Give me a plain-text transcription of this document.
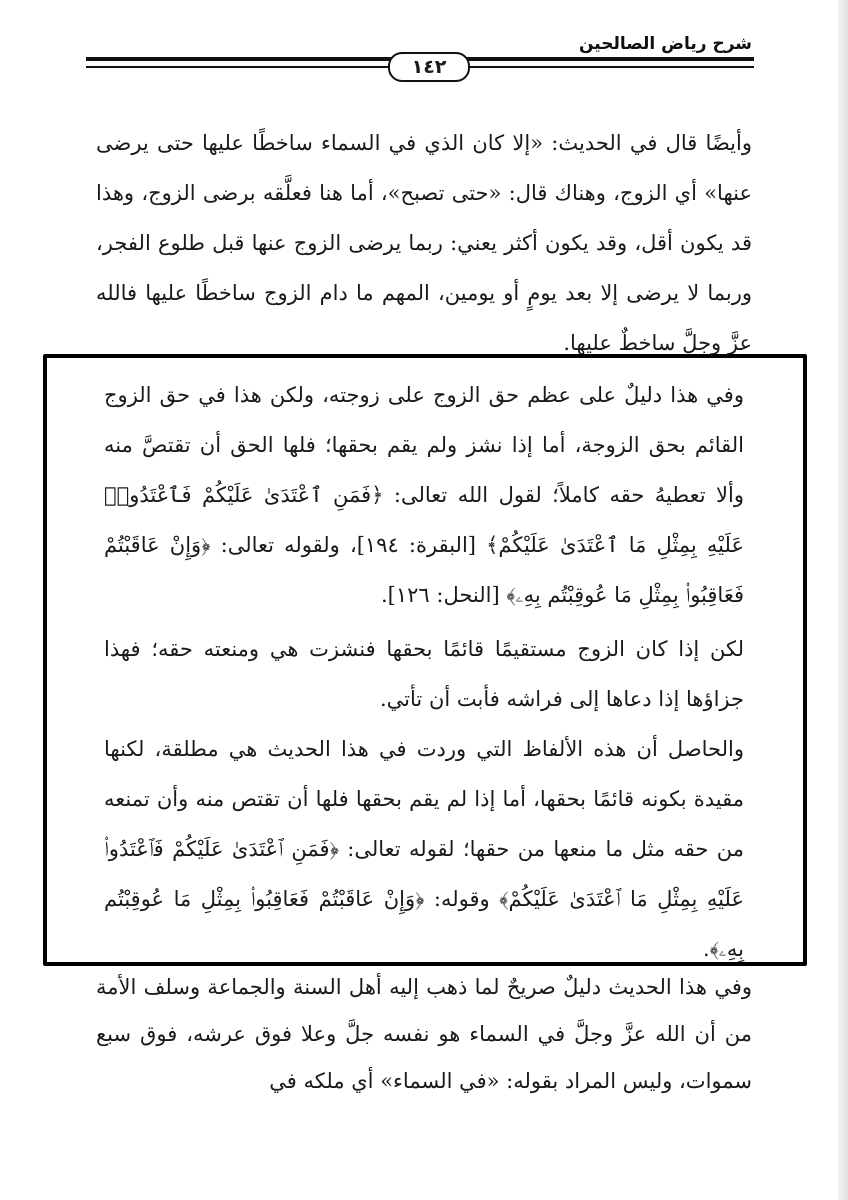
شرح رياض الصالحين
١٤٢
وأيضًا قال في الحديث: «إلا كان الذي في السماء ساخطًا عليها حتى يرضى عنها» أي الزوج، وهناك قال: «حتى تصبح»، أما هنا فعلَّقه برضى الزوج، وهذا قد يكون أقل، وقد يكون أكثر يعني: ربما يرضى الزوج عنها قبل طلوع الفجر، وربما لا يرضى إلا بعد يومٍ أو يومين، المهم ما دام الزوج ساخطًا عليها فالله عزَّ وجلَّ ساخطٌ عليها.
وفي هذا دليلٌ على عظم حق الزوج على زوجته، ولكن هذا في حق الزوج القائم بحق الزوجة، أما إذا نشز ولم يقم بحقها؛ فلها الحق أن تقتصَّ منه وألا تعطيهُ حقه كاملاً؛ لقول الله تعالى: ﴿فَمَنِ ٱعْتَدَىٰ عَلَيْكُمْ فَٱعْتَدُوا۟ عَلَيْهِ بِمِثْلِ مَا ٱعْتَدَىٰ عَلَيْكُمْ﴾ [البقرة: ١٩٤]، ولقوله تعالى: ﴿وَإِنْ عَاقَبْتُمْ فَعَاقِبُوا۟ بِمِثْلِ مَا عُوقِبْتُم بِهِۦ﴾ [النحل: ١٢٦].
لكن إذا كان الزوج مستقيمًا قائمًا بحقها فنشزت هي ومنعته حقه؛ فهذا جزاؤها إذا دعاها إلى فراشه فأبت أن تأتي.
والحاصل أن هذه الألفاظ التي وردت في هذا الحديث هي مطلقة، لكنها مقيدة بكونه قائمًا بحقها، أما إذا لم يقم بحقها فلها أن تقتص منه وأن تمنعه من حقه مثل ما منعها من حقها؛ لقوله تعالى: ﴿فَمَنِ ٱعْتَدَىٰ عَلَيْكُمْ فَٱعْتَدُوا۟ عَلَيْهِ بِمِثْلِ مَا ٱعْتَدَىٰ عَلَيْكُمْ﴾ وقوله: ﴿وَإِنْ عَاقَبْتُمْ فَعَاقِبُوا۟ بِمِثْلِ مَا عُوقِبْتُم بِهِۦ﴾.
وفي هذا الحديث دليلٌ صريحٌ لما ذهب إليه أهل السنة والجماعة وسلف الأمة من أن الله عزَّ وجلَّ في السماء هو نفسه جلَّ وعلا فوق عرشه، فوق سبع سموات، وليس المراد بقوله: «في السماء» أي ملكه في
